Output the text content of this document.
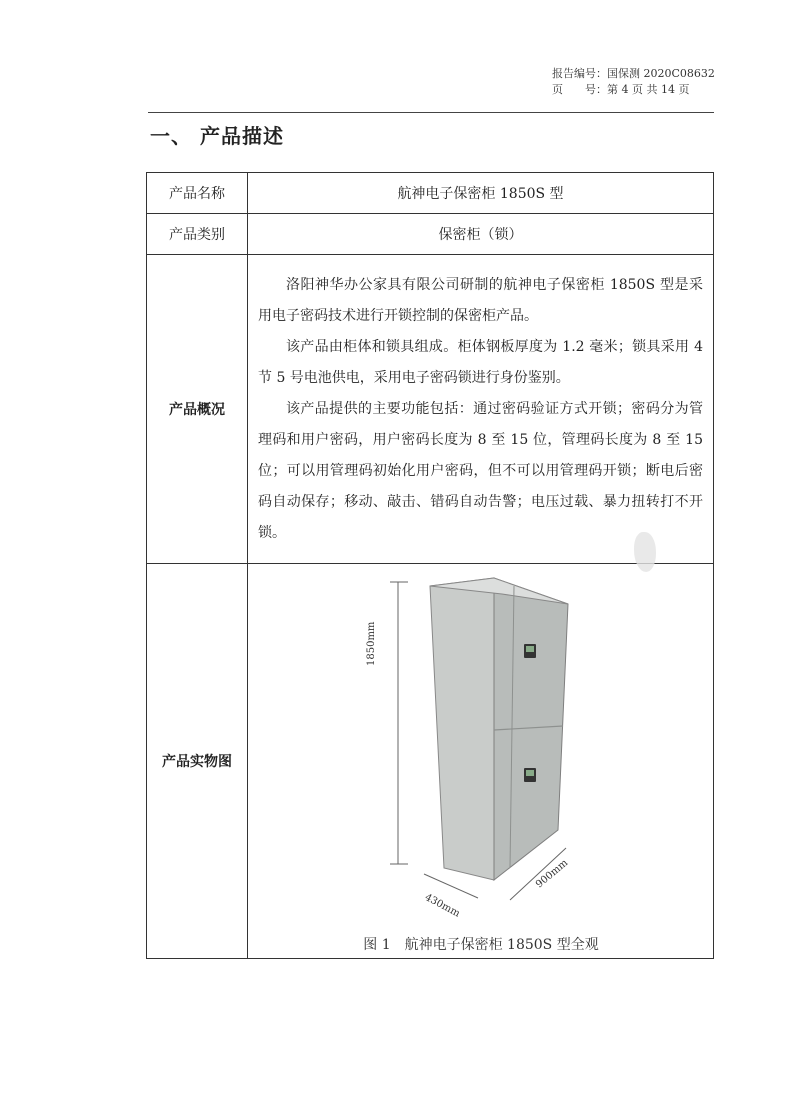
报告编号：国保测 2020C08632
页　　号：第 4 页 共 14 页
一、 产品描述
产品名称	航神电子保密柜 1850S 型
产品类别	保密柜（锁）
产品概况	洛阳神华办公家具有限公司研制的航神电子保密柜 1850S 型是采用电子密码技术进行开锁控制的保密柜产品。

该产品由柜体和锁具组成。柜体钢板厚度为 1.2 毫米；锁具采用 4 节 5 号电池供电，采用电子密码锁进行身份鉴别。

该产品提供的主要功能包括：通过密码验证方式开锁；密码分为管理码和用户密码，用户密码长度为 8 至 15 位，管理码长度为 8 至 15 位；可以用管理码初始化用户密码，但不可以用管理码开锁；断电后密码自动保存；移动、敲击、错码自动告警；电压过载、暴力扭转打不开锁。

产品实物图	1850mm
430mm
900mm
图 1　航神电子保密柜 1850S 型全观
